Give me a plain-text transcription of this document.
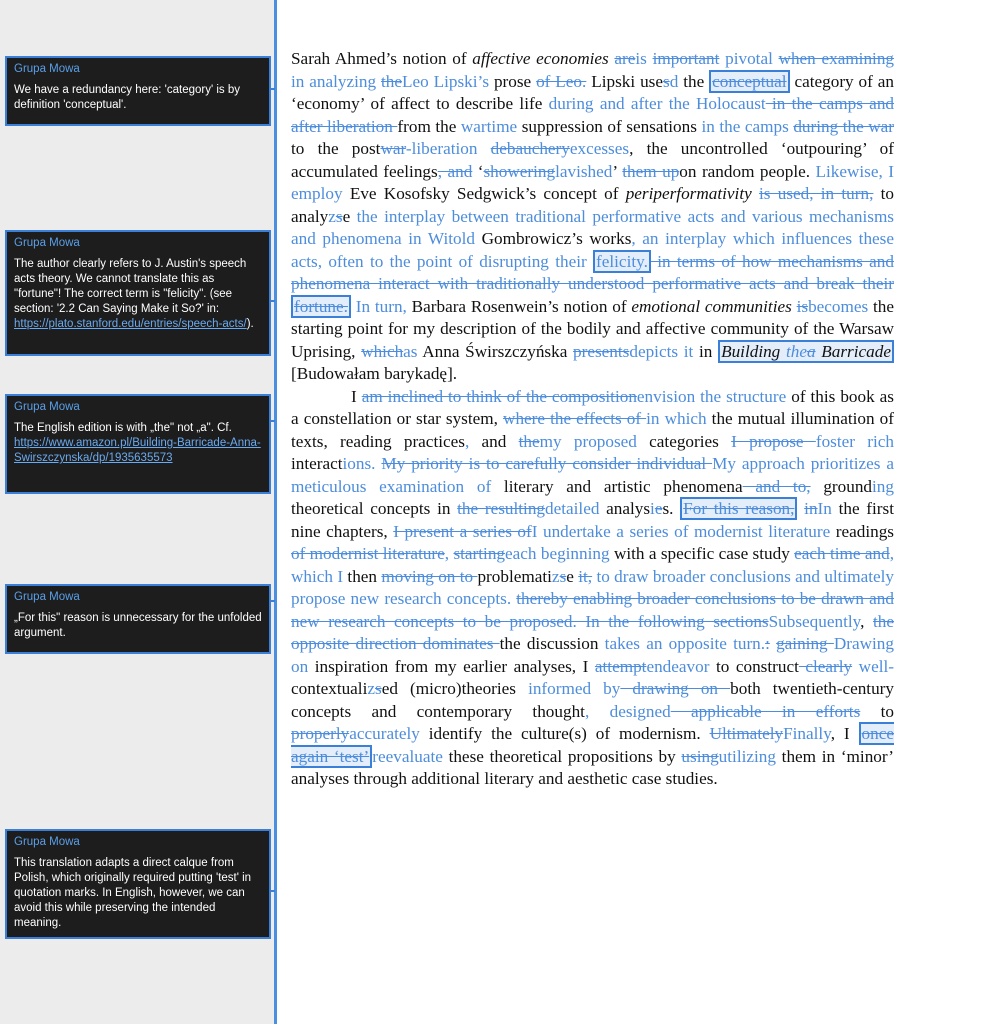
Grupa Mowa
We have a redundancy here: 'category' is by definition 'conceptual'.
Grupa Mowa
The author clearly refers to J. Austin's speech acts theory. We cannot translate this as "fortune"! The correct term is "felicity". (see section: '2.2 Can Saying Make it So?' in: https://plato.stanford.edu/entries/speech-acts/).
Grupa Mowa
The English edition is with „the" not „a". Cf. https://www.amazon.pl/Building-Barricade-Anna-Swirszczynska/dp/1935635573
Grupa Mowa
„For this" reason is unnecessary for the unfolded argument.
Grupa Mowa
This translation adapts a direct calque from Polish, which originally required putting 'test' in quotation marks. In English, however, we can avoid this while preserving the intended meaning.

Sarah Ahmed’s notion of affective economies areis important pivotal when examining in analyzing theLeo Lipski’s prose of Leo. Lipski usesd the conceptual category of an ‘economy’ of affect to describe life during and after the Holocaust in the camps and after liberation from the wartime suppression of sensations in the camps during the war to the postwar-liberation debaucheryexcesses, the uncontrolled ‘outpouring’ of accumulated feelings, and ‘showeringlavished’ them upon random people. Likewise, I employ Eve Kosofsky Sedgwick’s concept of periperformativity is used, in turn, to analyzse the interplay between traditional performative acts and various mechanisms and phenomena in Witold Gombrowicz’s works, an interplay which influences these acts, often to the point of disrupting their felicity. in terms of how mechanisms and phenomena interact with traditionally understood performative acts and break their fortune. In turn, Barbara Rosenwein’s notion of emotional communities isbecomes the starting point for my description of the bodily and affective community of the Warsaw Uprising, whichas Anna Świrszczyńska presentsdepicts it in Building thea Barricade [Budowałam barykadę].

I am inclined to think of the compositionenvision the structure of this book as a constellation or star system, where the effects of in which the mutual illumination of texts, reading practices, and themy proposed categories I propose foster rich interactions. My priority is to carefully consider individual My approach prioritizes a meticulous examination of literary and artistic phenomena and to, grounding theoretical concepts in the resultingdetailed analysies. For this reason, inIn the first nine chapters, I present a series ofI undertake a series of modernist literature readings of modernist literature, startingeach beginning with a specific case study each time and, which I then moving on to problematizse it, to draw broader conclusions and ultimately propose new research concepts. thereby enabling broader conclusions to be drawn and new research concepts to be proposed. In the following sectionsSubsequently, the opposite direction dominates the discussion takes an opposite turn.: gaining Drawing on inspiration from my earlier analyses, I attemptendeavor to construct clearly well-contextualizsed (micro)theories informed by drawing on both twentieth-century concepts and contemporary thought, designed applicable in efforts to properlyaccurately identify the culture(s) of modernism. UltimatelyFinally, I once again ‘test’ reevaluate these theoretical propositions by usingutilizing them in ‘minor’ analyses through additional literary and aesthetic case studies.
